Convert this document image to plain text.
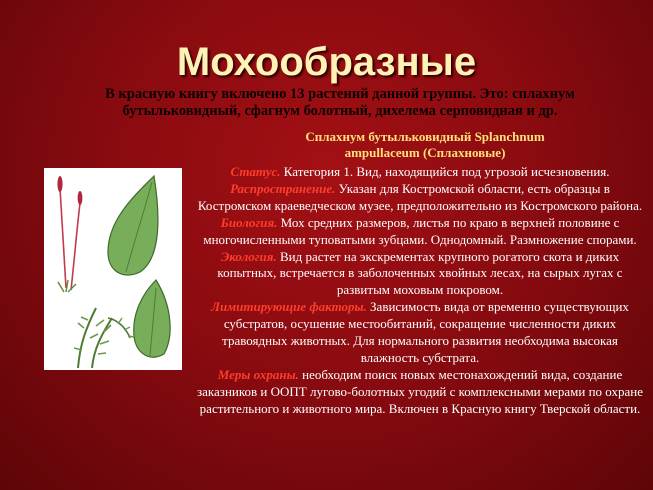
Мохообразные
В красную книгу включено 13 растений данной группы. Это: сплахнум бутыльковидный, сфагнум болотный, дихелема серповидная и др.
Сплахнум бутыльковидный Splanchnum ampullaceum (Сплахновые)

Статус. Категория 1. Вид, находящийся под угрозой исчезновения.

Распространение. Указан для Костромской области, есть образцы в Костромском краеведческом музее, предположительно из Костромского района.

Биология. Мох средних размеров, листья по краю в верхней половине с многочисленными туповатыми зубцами. Однодомный. Размножение спорами.

Экология. Вид растет на экскрементах крупного рогатого скота и диких копытных, встречается в заболоченных хвойных лесах, на сырых лугах с развитым моховым покровом.

Лимитирующие факторы. Зависимость вида от временно существующих субстратов, осушение местообитаний, сокращение численности диких травоядных животных. Для нормального развития необходима высокая влажность субстрата.

Меры охраны. необходим поиск новых местонахождений вида, создание заказников и ООПТ лугово-болотных угодий с комплексными мерами по охране растительного и животного мира. Включен в Красную книгу Тверской области.
